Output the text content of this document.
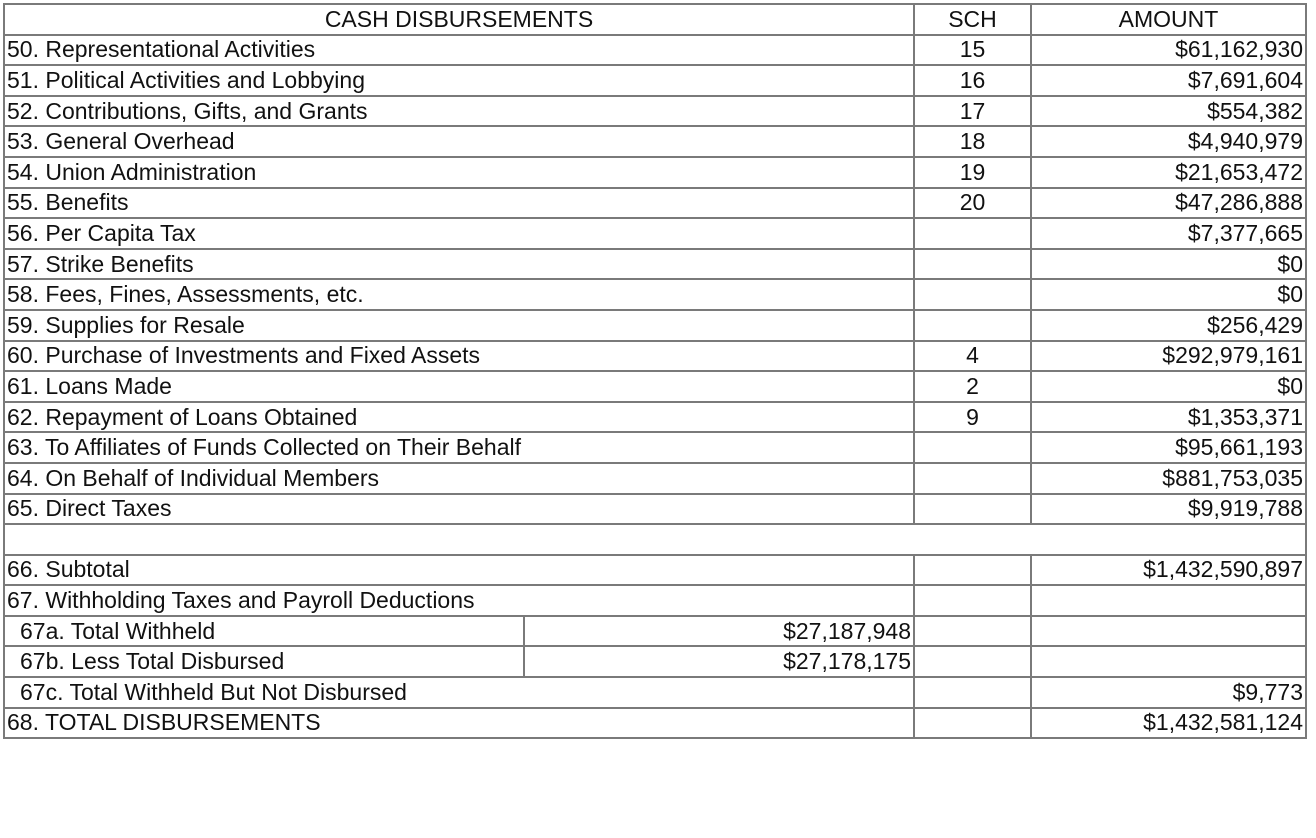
CASH DISBURSEMENTS		SCH	AMOUNT
50. Representational Activities		15	$61,162,930
51. Political Activities and Lobbying		16	$7,691,604
52. Contributions, Gifts, and Grants		17	$554,382
53. General Overhead		18	$4,940,979
54. Union Administration		19	$21,653,472
55. Benefits		20	$47,286,888
56. Per Capita Tax			$7,377,665
57. Strike Benefits			$0
58. Fees, Fines, Assessments, etc.			$0
59. Supplies for Resale			$256,429
60. Purchase of Investments and Fixed Assets		4	$292,979,161
61. Loans Made		2	$0
62. Repayment of Loans Obtained		9	$1,353,371
63. To Affiliates of Funds Collected on Their Behalf			$95,661,193
64. On Behalf of Individual Members			$881,753,035
65. Direct Taxes			$9,919,788

66. Subtotal			$1,432,590,897
67. Withholding Taxes and Payroll Deductions			
67a. Total Withheld	$27,187,948		
67b. Less Total Disbursed	$27,178,175		
67c. Total Withheld But Not Disbursed			$9,773
68. TOTAL DISBURSEMENTS			$1,432,581,124
